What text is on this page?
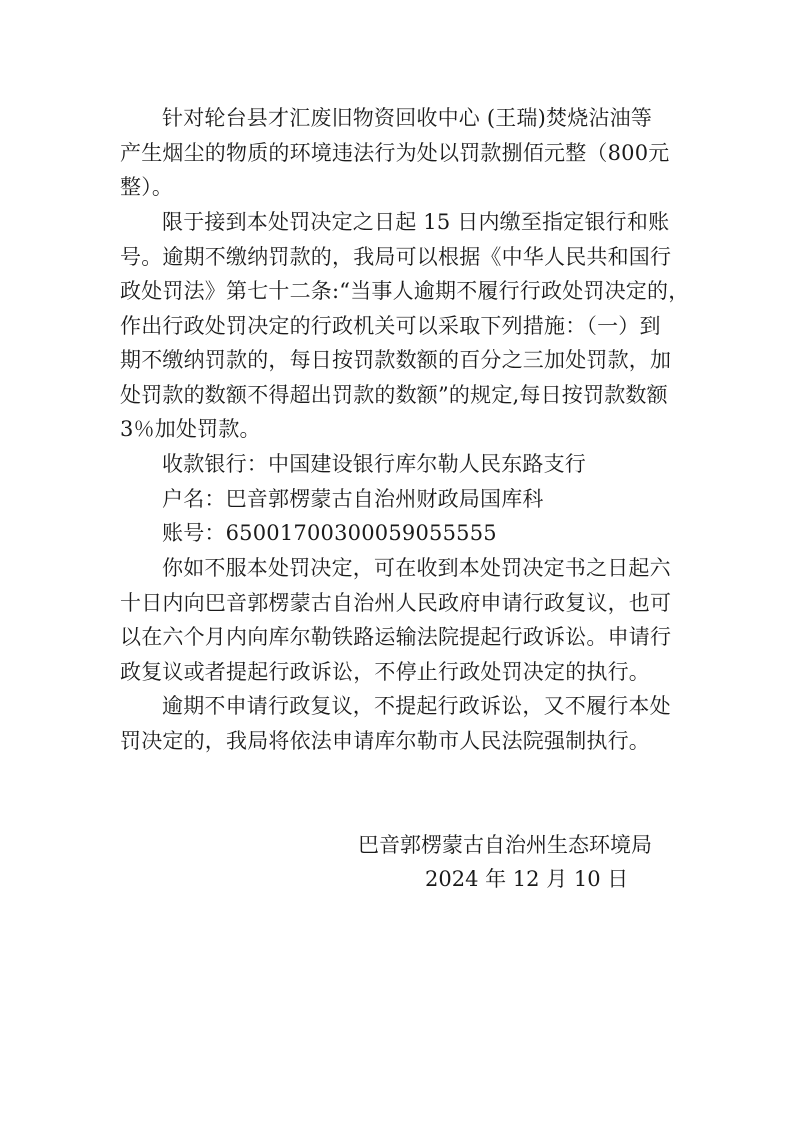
针对轮台县才汇废旧物资回收中心 (王瑞)焚烧沾油等
产生烟尘的物质的环境违法行为处以罚款捌佰元整（800元
整）。
限于接到本处罚决定之日起 15 日内缴至指定银行和账
号。逾期不缴纳罚款的，我局可以根据《中华人民共和国行
政处罚法》第七十二条:“当事人逾期不履行行政处罚决定的，
作出行政处罚决定的行政机关可以采取下列措施：（一）到
期不缴纳罚款的，每日按罚款数额的百分之三加处罚款，加
处罚款的数额不得超出罚款的数额”的规定,每日按罚款数额
3％加处罚款。
收款银行：中国建设银行库尔勒人民东路支行
户名：巴音郭楞蒙古自治州财政局国库科
账号：65001700300059055555
你如不服本处罚决定，可在收到本处罚决定书之日起六
十日内向巴音郭楞蒙古自治州人民政府申请行政复议，也可
以在六个月内向库尔勒铁路运输法院提起行政诉讼。申请行
政复议或者提起行政诉讼，不停止行政处罚决定的执行。
逾期不申请行政复议，不提起行政诉讼，又不履行本处
罚决定的，我局将依法申请库尔勒市人民法院强制执行。
巴音郭楞蒙古自治州生态环境局
2024 年 12 月 10 日
